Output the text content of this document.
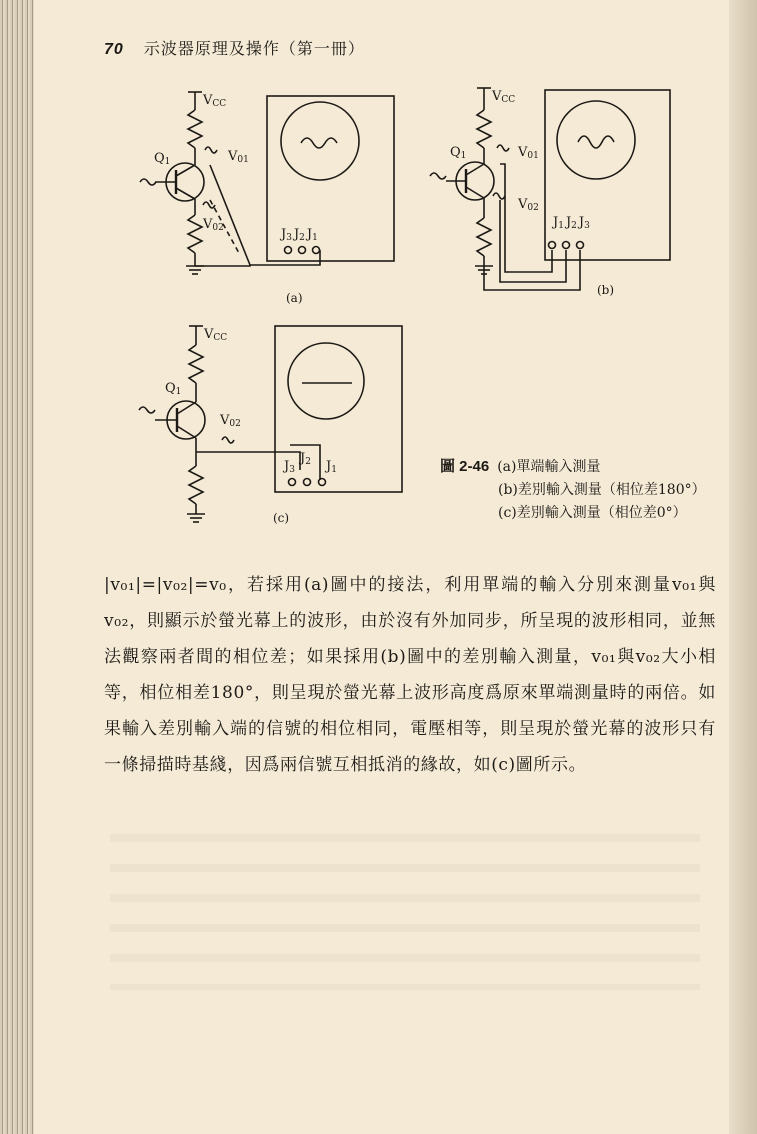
70 示波器原理及操作（第一冊）
VCC
Q1	V01
V02	J3 J2 J1
(a)
VCC
Q1	V01
V02
J1 J2 J3
(b)
VCC
Q1
V02
J3
J2 J1
(c)
圖 2-46 (a)單端輸入測量
(b)差別輸入測量（相位差180°）
(c)差別輸入測量（相位差0°）

|v₀₁|=|v₀₂|=v₀，若採用(a)圖中的接法，利用單端的輸入分別來測量v₀₁與v₀₂，則顯示於螢光幕上的波形，由於沒有外加同步，所呈現的波形相同，並無法觀察兩者間的相位差；如果採用(b)圖中的差別輸入測量，v₀₁與v₀₂大小相等，相位相差180°，則呈現於螢光幕上波形高度爲原來單端測量時的兩倍。如果輸入差別輸入端的信號的相位相同，電壓相等，則呈現於螢光幕的波形只有一條掃描時基綫，因爲兩信號互相抵消的緣故，如(c)圖所示。
